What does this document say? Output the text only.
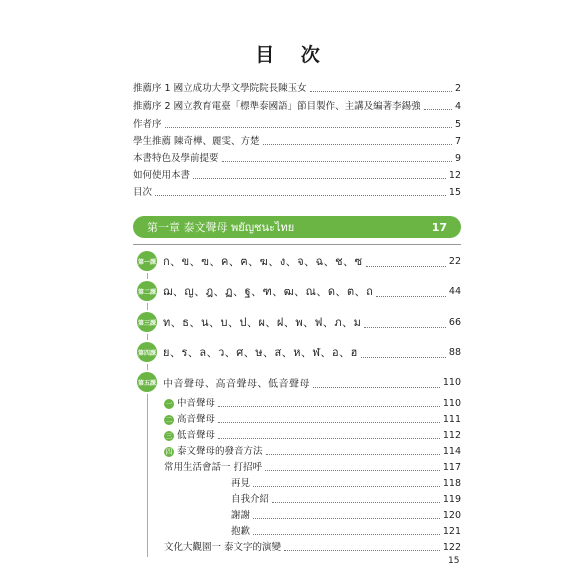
目 次
推薦序 1 國立成功大學文學院院長陳玉女	2
推薦序 2 國立教育電臺「標準泰國語」節目製作、主講及編著李錫強	4
作者序	5
學生推薦 陳奇樺、麗雯、方楚	7
本書特色及學前提要	9
如何使用本書	12
目次	15
第一章 泰文聲母 พยัญชนะไทย	17
第一課 ก、ข、ฃ、ค、ฅ、ฆ、ง、จ、ฉ、ช、ซ	22
第二課 ฌ、ญ、ฎ、ฏ、ฐ、ฑ、ฒ、ณ、ด、ต、ถ	44
第三課 ท、ธ、น、บ、ป、ผ、ฝ、พ、ฟ、ภ、ม	66
第四課 ย、ร、ล、ว、ศ、ษ、ส、ห、ฬ、อ、ฮ	88
第五課 中音聲母、高音聲母、低音聲母	110
一 中音聲母	110
二 高音聲母	111
三 低音聲母	112
四 泰文聲母的發音方法	114
常用生活會話一 打招呼	117
再見	118
自我介紹	119
謝謝	120
抱歉	121
文化大觀園一 泰文字的演變	122
15
